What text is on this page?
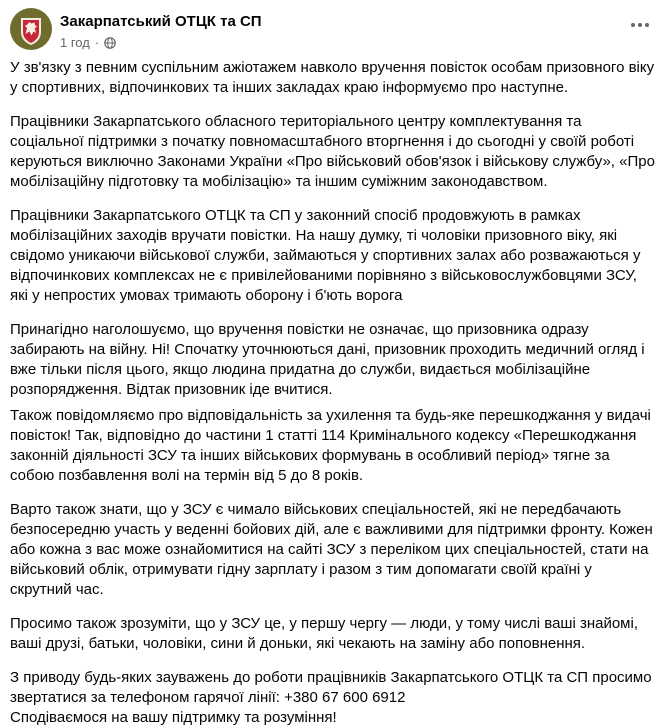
Закарпатський ОТЦК та СП
1 год ·

У зв'язку з певним суспільним ажіотажем навколо вручення повісток особам призовного віку у спортивних, відпочинкових та інших закладах краю інформуємо про наступне.

Працівники Закарпатського обласного територіального центру комплектування та соціальної підтримки з початку повномасштабного вторгнення і до сьогодні у своїй роботі керуються виключно Законами України «Про військовий обов'язок і військову службу», «Про мобілізаційну підготовку та мобілізацію» та іншим суміжним законодавством.

Працівники Закарпатського ОТЦК та СП у законний спосіб продовжують в рамках мобілізаційних заходів вручати повістки. На нашу думку, ті чоловіки призовного віку, які свідомо уникаючи військової служби, займаються у спортивних залах або розважаються у відпочинкових комплексах не є привілейованими порівняно з військовослужбовцями ЗСУ, які у непростих умовах тримають оборону і б'ють ворога

Принагідно наголошуємо, що вручення повістки не означає, що призовника одразу забирають на війну. Ні! Спочатку уточнюються дані, призовник проходить медичний огляд і вже тільки після цього, якщо людина придатна до служби, видається мобілізаційне розпорядження. Відтак призовник іде вчитися.

Також повідомляємо про відповідальність за ухилення та будь-яке перешкоджання у видачі повісток! Так, відповідно до частини 1 статті 114 Кримінального кодексу «Перешкоджання законній діяльності ЗСУ та інших військових формувань в особливий період» тягне за собою позбавлення волі на термін від 5 до 8 років.

Варто також знати, що у ЗСУ є чимало військових спеціальностей, які не передбачають безпосередню участь у веденні бойових дій, але є важливими для підтримки фронту. Кожен або кожна з вас може ознайомитися на сайті ЗСУ з переліком цих спеціальностей, стати на військовий облік, отримувати гідну зарплату і разом з тим допомагати своїй країні у скрутний час.

Просимо також зрозуміти, що у ЗСУ це, у першу чергу — люди, у тому числі ваші знайомі, ваші друзі, батьки, чоловіки, сини й доньки, які чекають на заміну або поповнення.

З приводу будь-яких зауважень до роботи працівників Закарпатського ОТЦК та СП просимо звертатися за телефоном гарячої лінії: +380 67 600 6912

Сподіваємося на вашу підтримку та розуміння!
